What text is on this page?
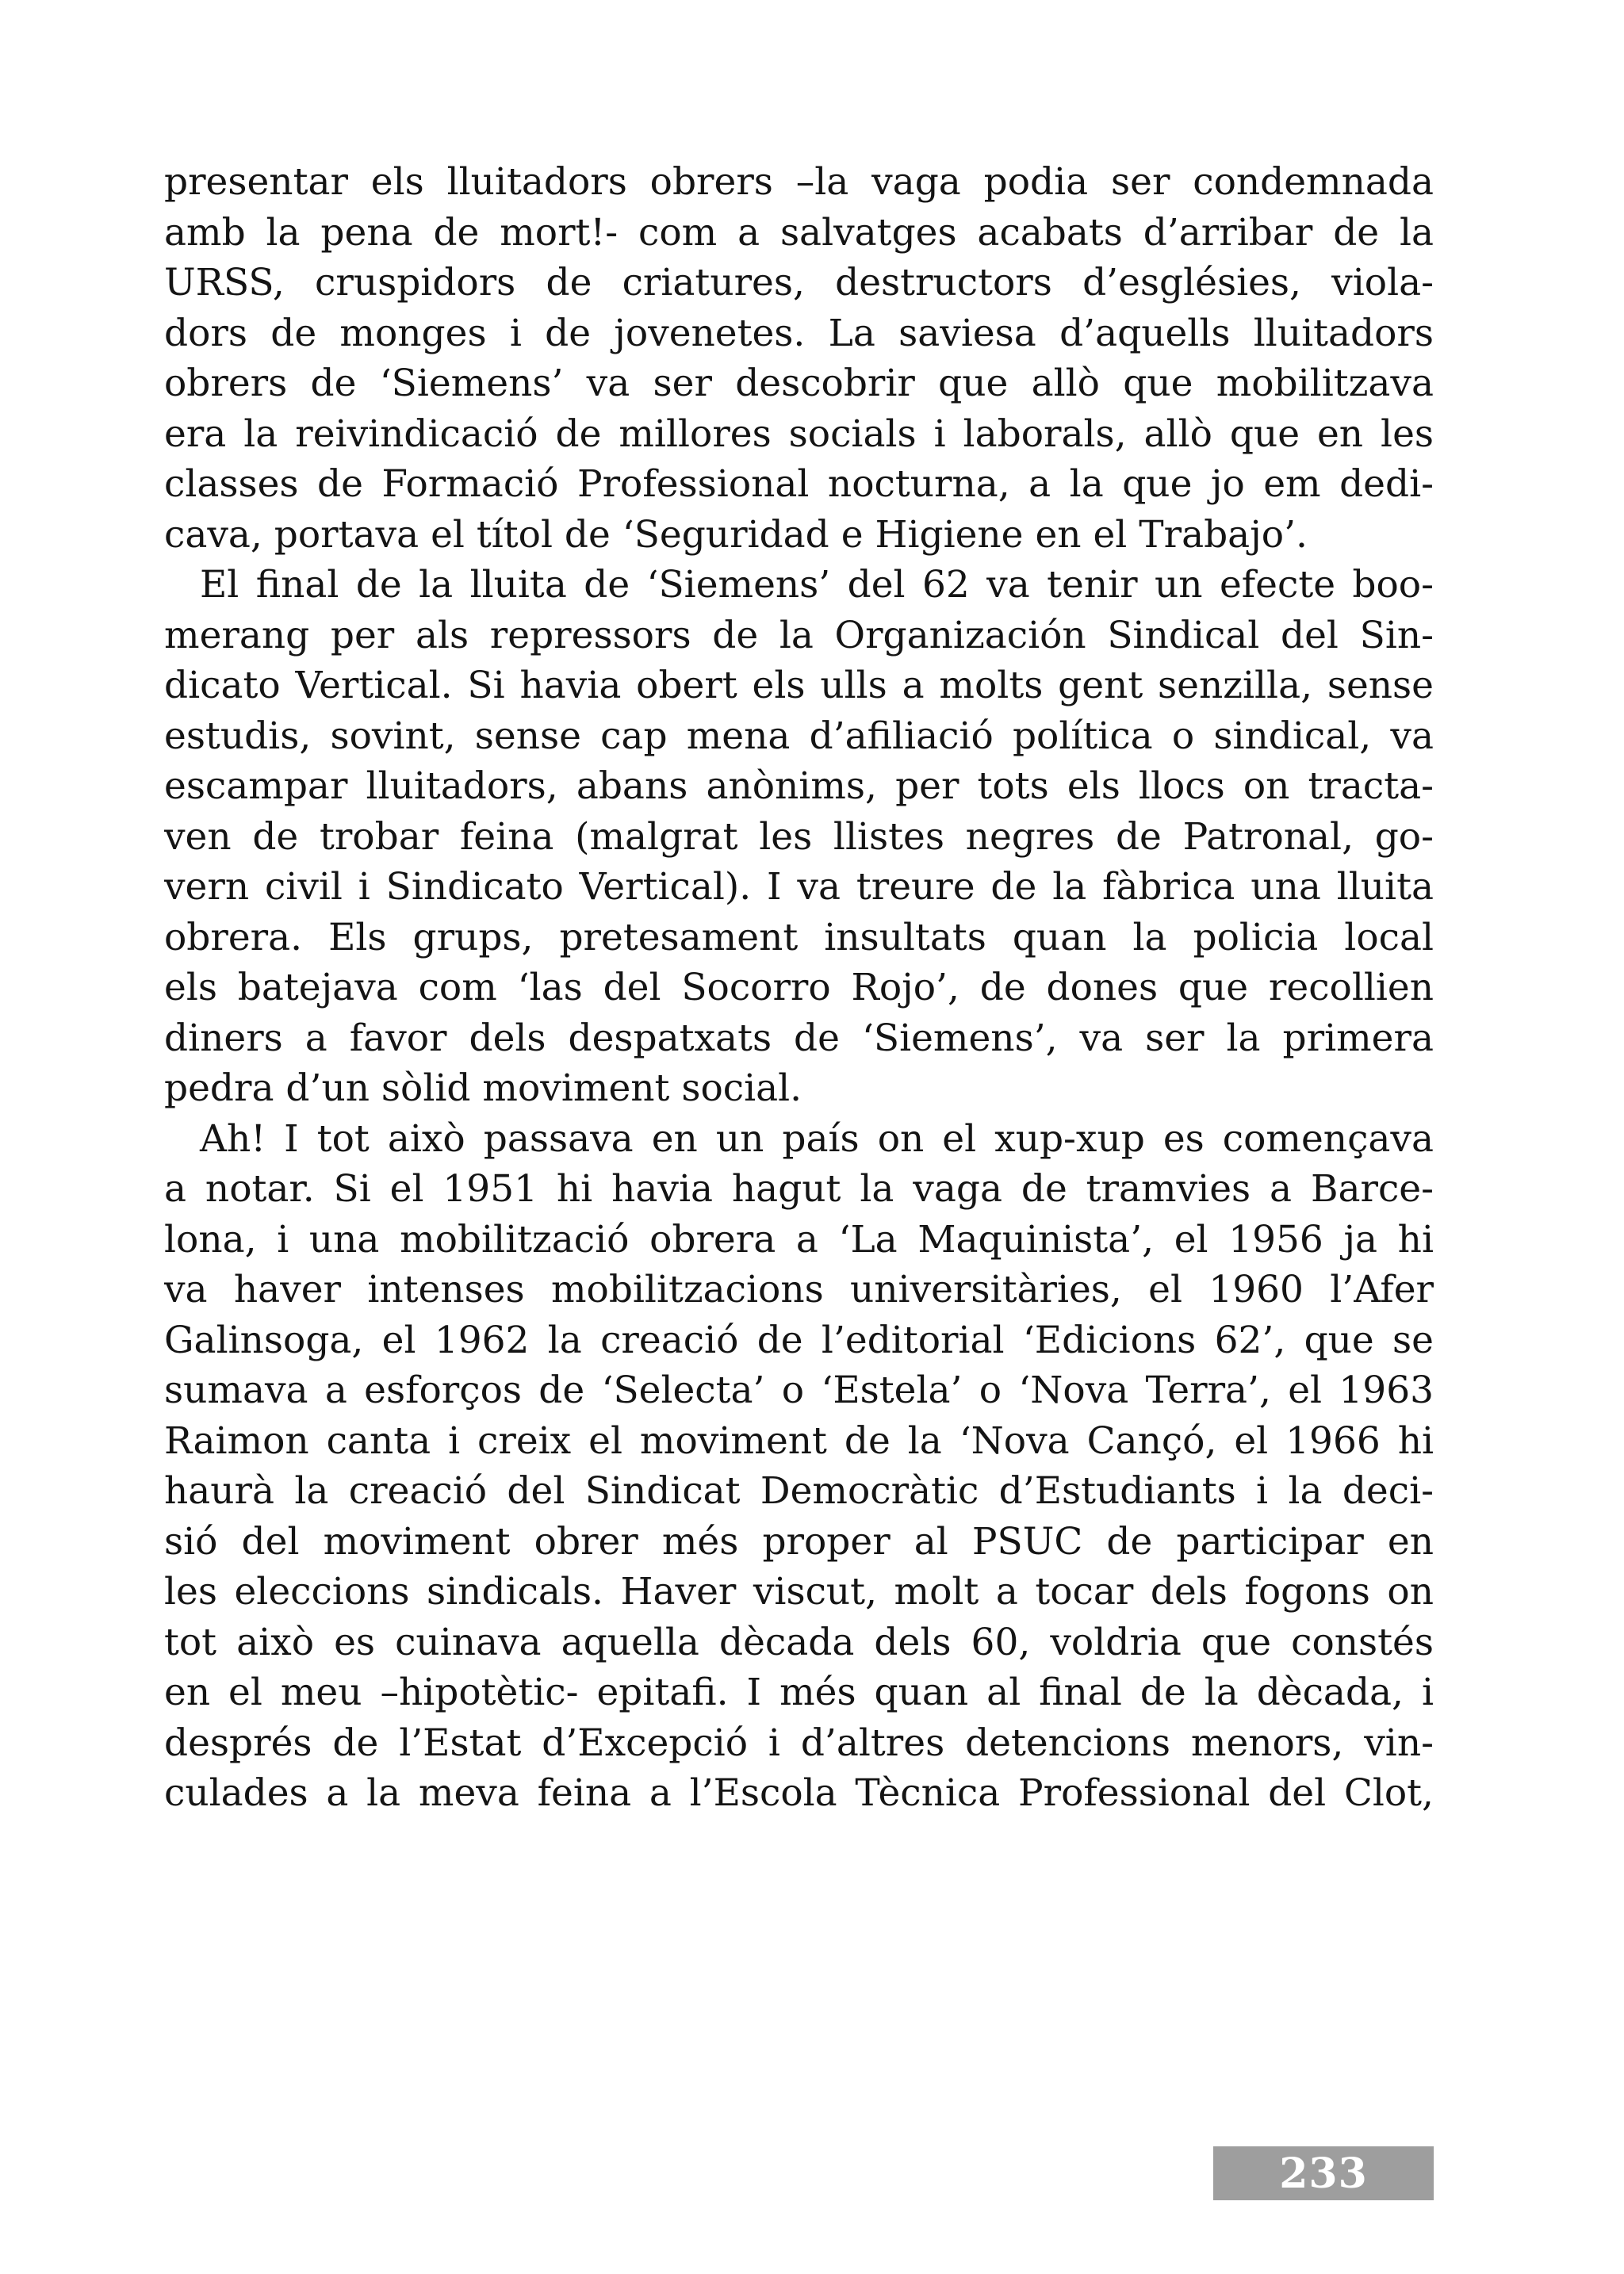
presentar els lluitadors obrers –la vaga podia ser condemnada
amb la pena de mort!- com a salvatges acabats d’arribar de la
URSS, cruspidors de criatures, destructors d’esglésies, viola-
dors de monges i de jovenetes. La saviesa d’aquells lluitadors
obrers de ‘Siemens’ va ser descobrir que allò que mobilitzava
era la reivindicació de millores socials i laborals, allò que en les
classes de Formació Professional nocturna, a la que jo em dedi-
cava, portava el títol de ‘Seguridad e Higiene en el Trabajo’.
El final de la lluita de ‘Siemens’ del 62 va tenir un efecte boo-
merang per als repressors de la Organización Sindical del Sin-
dicato Vertical. Si havia obert els ulls a molts gent senzilla, sense
estudis, sovint, sense cap mena d’afiliació política o sindical, va
escampar lluitadors, abans anònims, per tots els llocs on tracta-
ven de trobar feina (malgrat les llistes negres de Patronal, go-
vern civil i Sindicato Vertical). I va treure de la fàbrica una lluita
obrera. Els grups, pretesament insultats quan la policia local
els batejava com ‘las del Socorro Rojo’, de dones que recollien
diners a favor dels despatxats de ‘Siemens’, va ser la primera
pedra d’un sòlid moviment social.
Ah! I tot això passava en un país on el xup-xup es començava
a notar. Si el 1951 hi havia hagut la vaga de tramvies a Barce-
lona, i una mobilització obrera a ‘La Maquinista’, el 1956 ja hi
va haver intenses mobilitzacions universitàries, el 1960 l’Afer
Galinsoga, el 1962 la creació de l’editorial ‘Edicions 62’, que se
sumava a esforços de ‘Selecta’ o ‘Estela’ o ‘Nova Terra’, el 1963
Raimon canta i creix el moviment de la ‘Nova Cançó, el 1966 hi
haurà la creació del Sindicat Democràtic d’Estudiants i la deci-
sió del moviment obrer més proper al PSUC de participar en
les eleccions sindicals. Haver viscut, molt a tocar dels fogons on
tot això es cuinava aquella dècada dels 60, voldria que constés
en el meu –hipotètic- epitafi. I més quan al final de la dècada, i
després de l’Estat d’Excepció i d’altres detencions menors, vin-
culades a la meva feina a l’Escola Tècnica Professional del Clot,
233
